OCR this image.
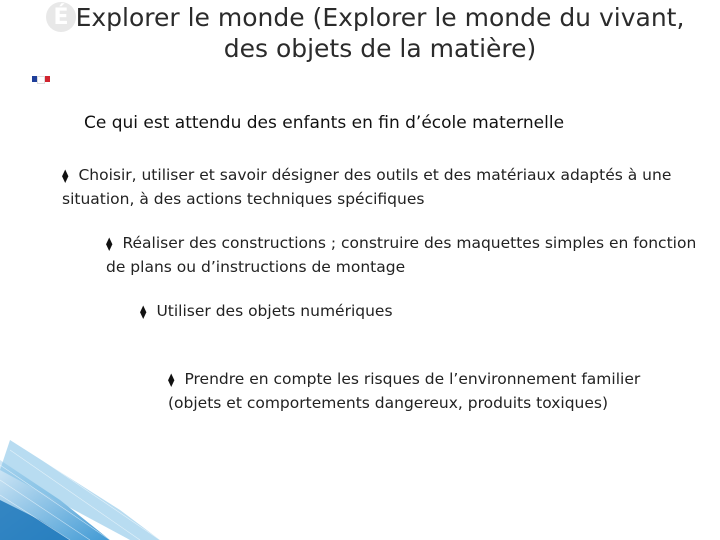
É Explorer le monde (Explorer le monde du vivant, des objets de la matière)
Ce qui est attendu des enfants en fin d’école maternelle

⧫ Choisir, utiliser et savoir désigner des outils et des matériaux adaptés à une situation, à des actions techniques spécifiques

⧫ Réaliser des constructions ; construire des maquettes simples en fonction de plans ou d’instructions de montage

⧫ Utiliser des objets numériques

⧫ Prendre en compte les risques de l’environnement familier (objets et comportements dangereux, produits toxiques)
